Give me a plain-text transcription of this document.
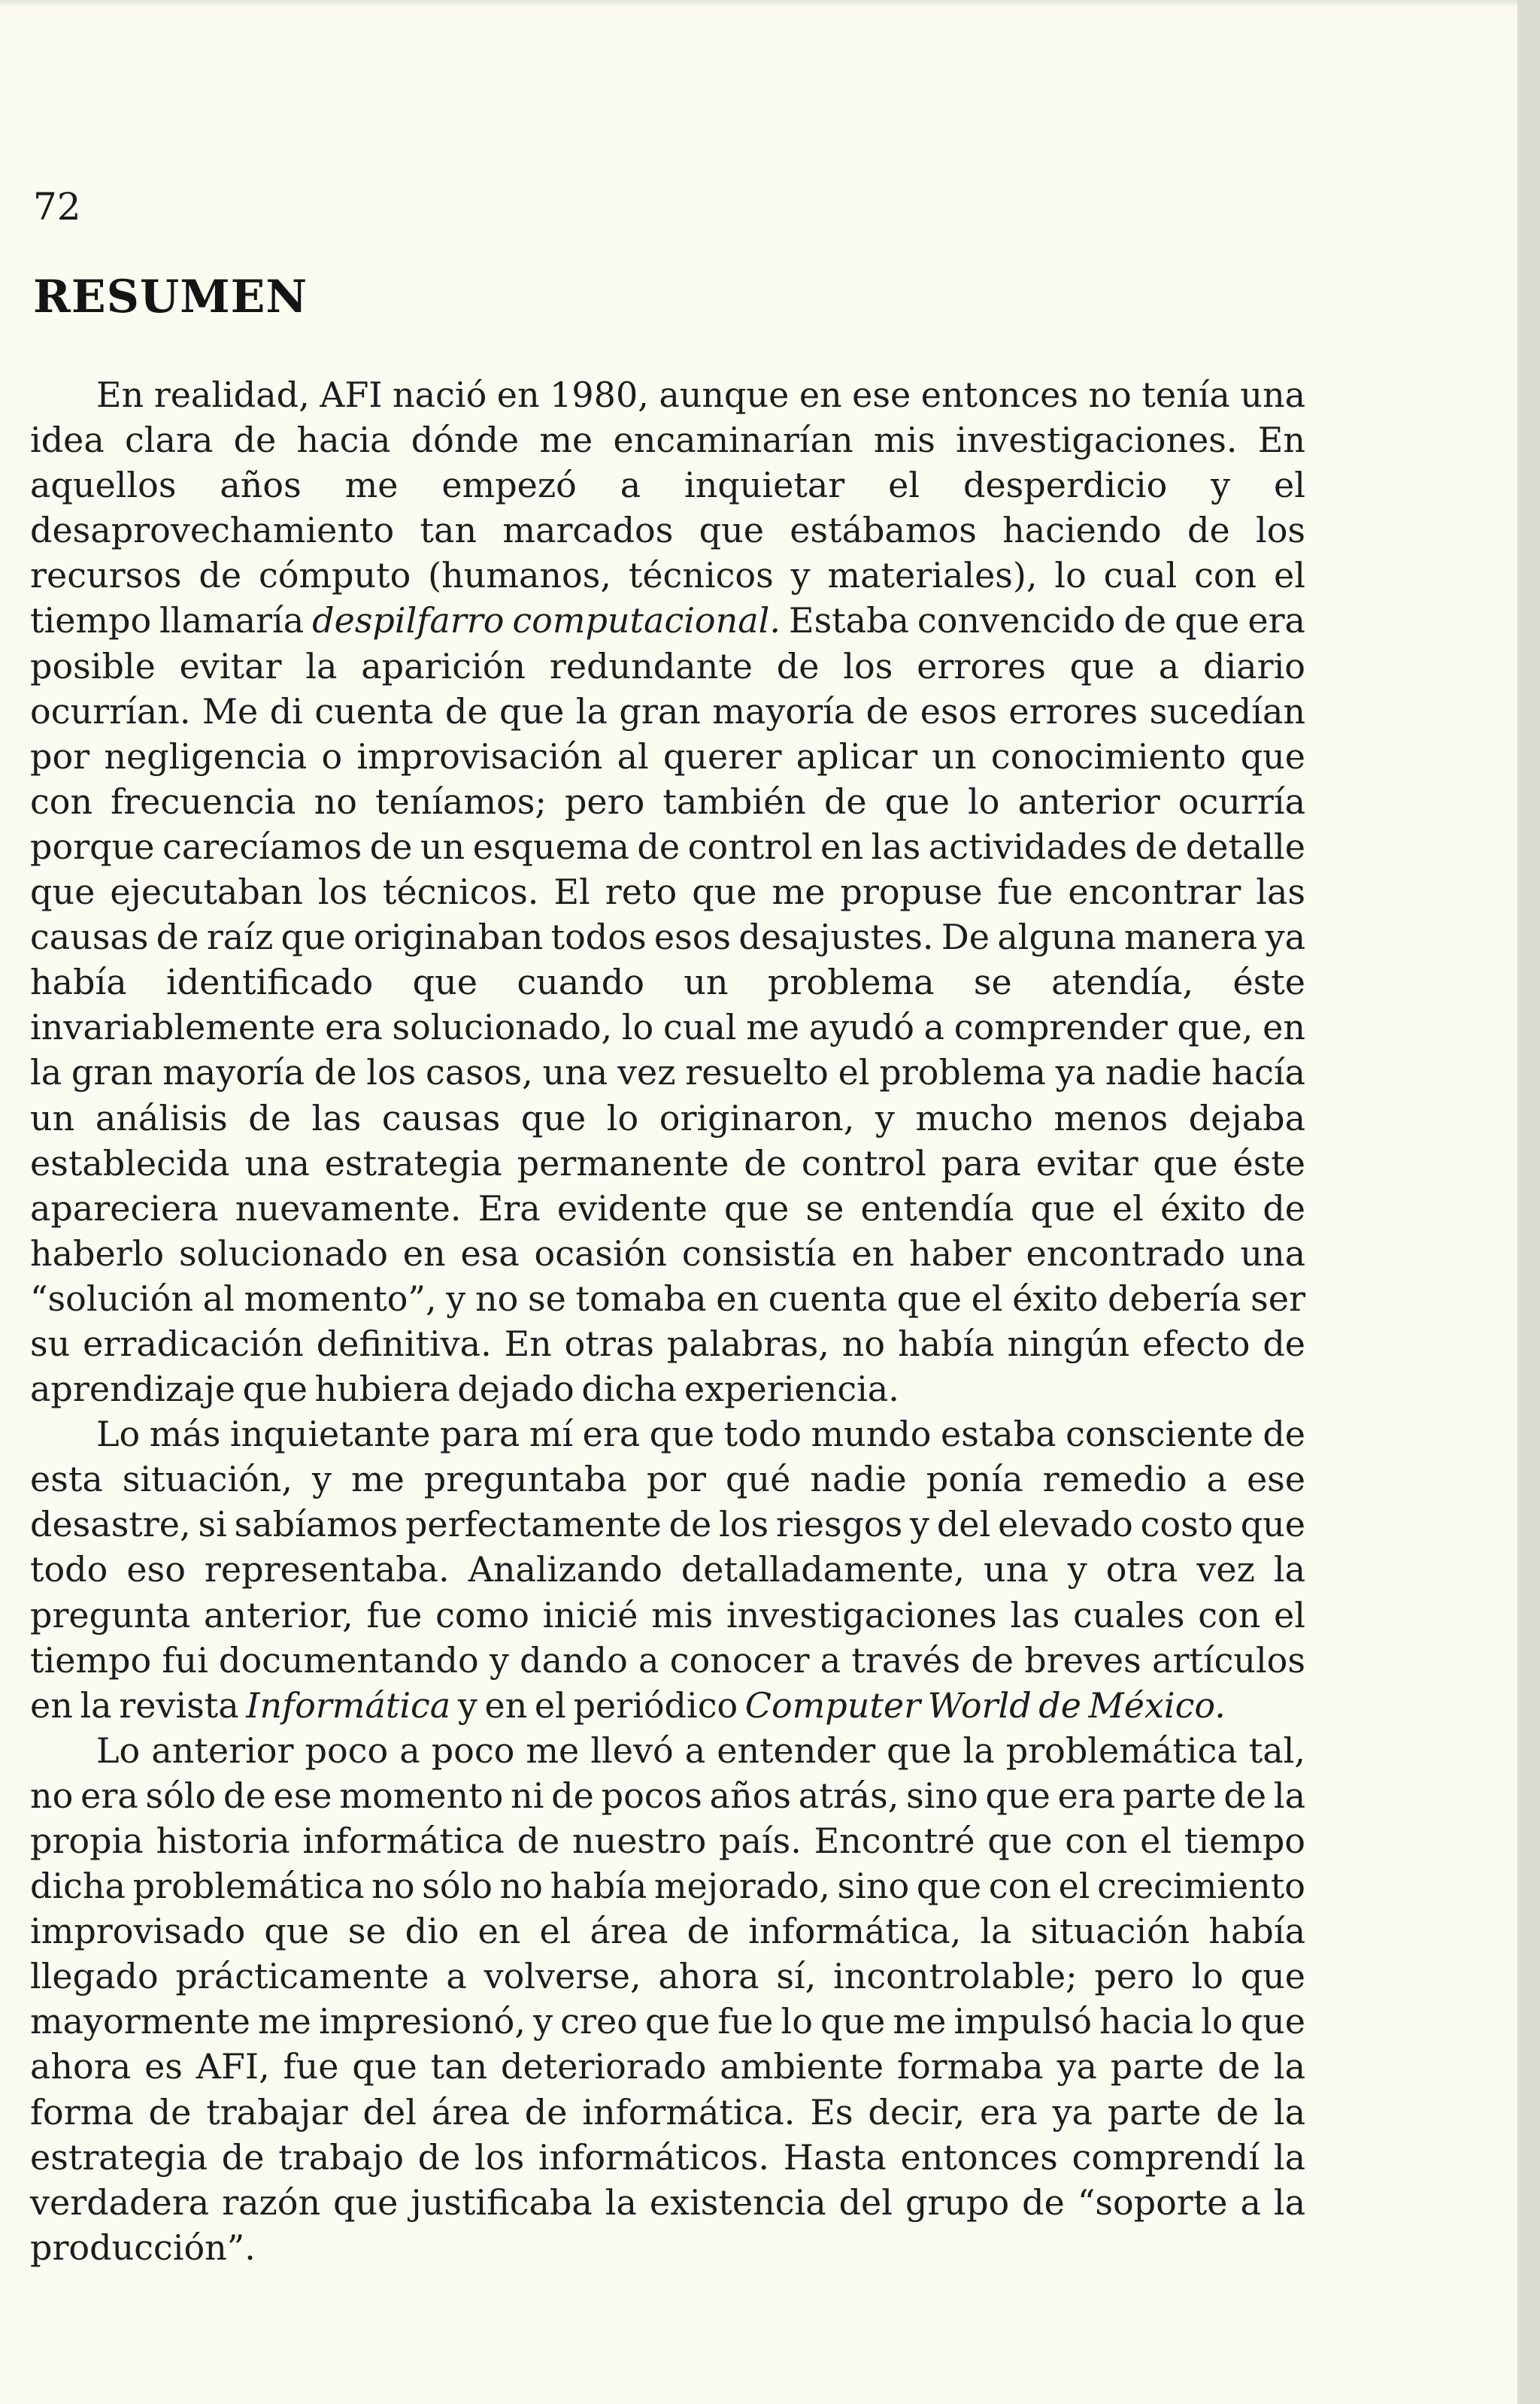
72
RESUMEN

En realidad, AFI nació en 1980, aunque en ese entonces no tenía una idea clara de hacia dónde me encaminarían mis investigaciones. En aquellos años me empezó a inquietar el desperdicio y el desaprovechamiento tan marcados que estábamos haciendo de los recursos de cómputo (humanos, técnicos y materiales), lo cual con el tiempo llamaría despilfarro computacional. Estaba convencido de que era posible evitar la aparición redundante de los errores que a diario ocurrían. Me di cuenta de que la gran mayoría de esos errores sucedían por negligencia o improvisación al querer aplicar un conocimiento que con frecuencia no teníamos; pero también de que lo anterior ocurría porque carecíamos de un esquema de control en las actividades de detalle que ejecutaban los técnicos. El reto que me propuse fue encontrar las causas de raíz que originaban todos esos desajustes. De alguna manera ya había identificado que cuando un problema se atendía, éste invariablemente era solucionado, lo cual me ayudó a comprender que, en la gran mayoría de los casos, una vez resuelto el problema ya nadie hacía un análisis de las causas que lo originaron, y mucho menos dejaba establecida una estrategia permanente de control para evitar que éste apareciera nuevamente. Era evidente que se entendía que el éxito de haberlo solucionado en esa ocasión consistía en haber encontrado una “solución al momento”, y no se tomaba en cuenta que el éxito debería ser su erradicación definitiva. En otras palabras, no había ningún efecto de aprendizaje que hubiera dejado dicha experiencia.

Lo más inquietante para mí era que todo mundo estaba consciente de esta situación, y me preguntaba por qué nadie ponía remedio a ese desastre, si sabíamos perfectamente de los riesgos y del elevado costo que todo eso representaba. Analizando detalladamente, una y otra vez la pregunta anterior, fue como inicié mis investigaciones las cuales con el tiempo fui documentando y dando a conocer a través de breves artículos en la revista Informática y en el periódico Computer World de México.

Lo anterior poco a poco me llevó a entender que la problemática tal, no era sólo de ese momento ni de pocos años atrás, sino que era parte de la propia historia informática de nuestro país. Encontré que con el tiempo dicha problemática no sólo no había mejorado, sino que con el crecimiento improvisado que se dio en el área de informática, la situación había llegado prácticamente a volverse, ahora sí, incontrolable; pero lo que mayormente me impresionó, y creo que fue lo que me impulsó hacia lo que ahora es AFI, fue que tan deteriorado ambiente formaba ya parte de la forma de trabajar del área de informática. Es decir, era ya parte de la estrategia de trabajo de los informáticos. Hasta entonces comprendí la verdadera razón que justificaba la existencia del grupo de “soporte a la producción”.
